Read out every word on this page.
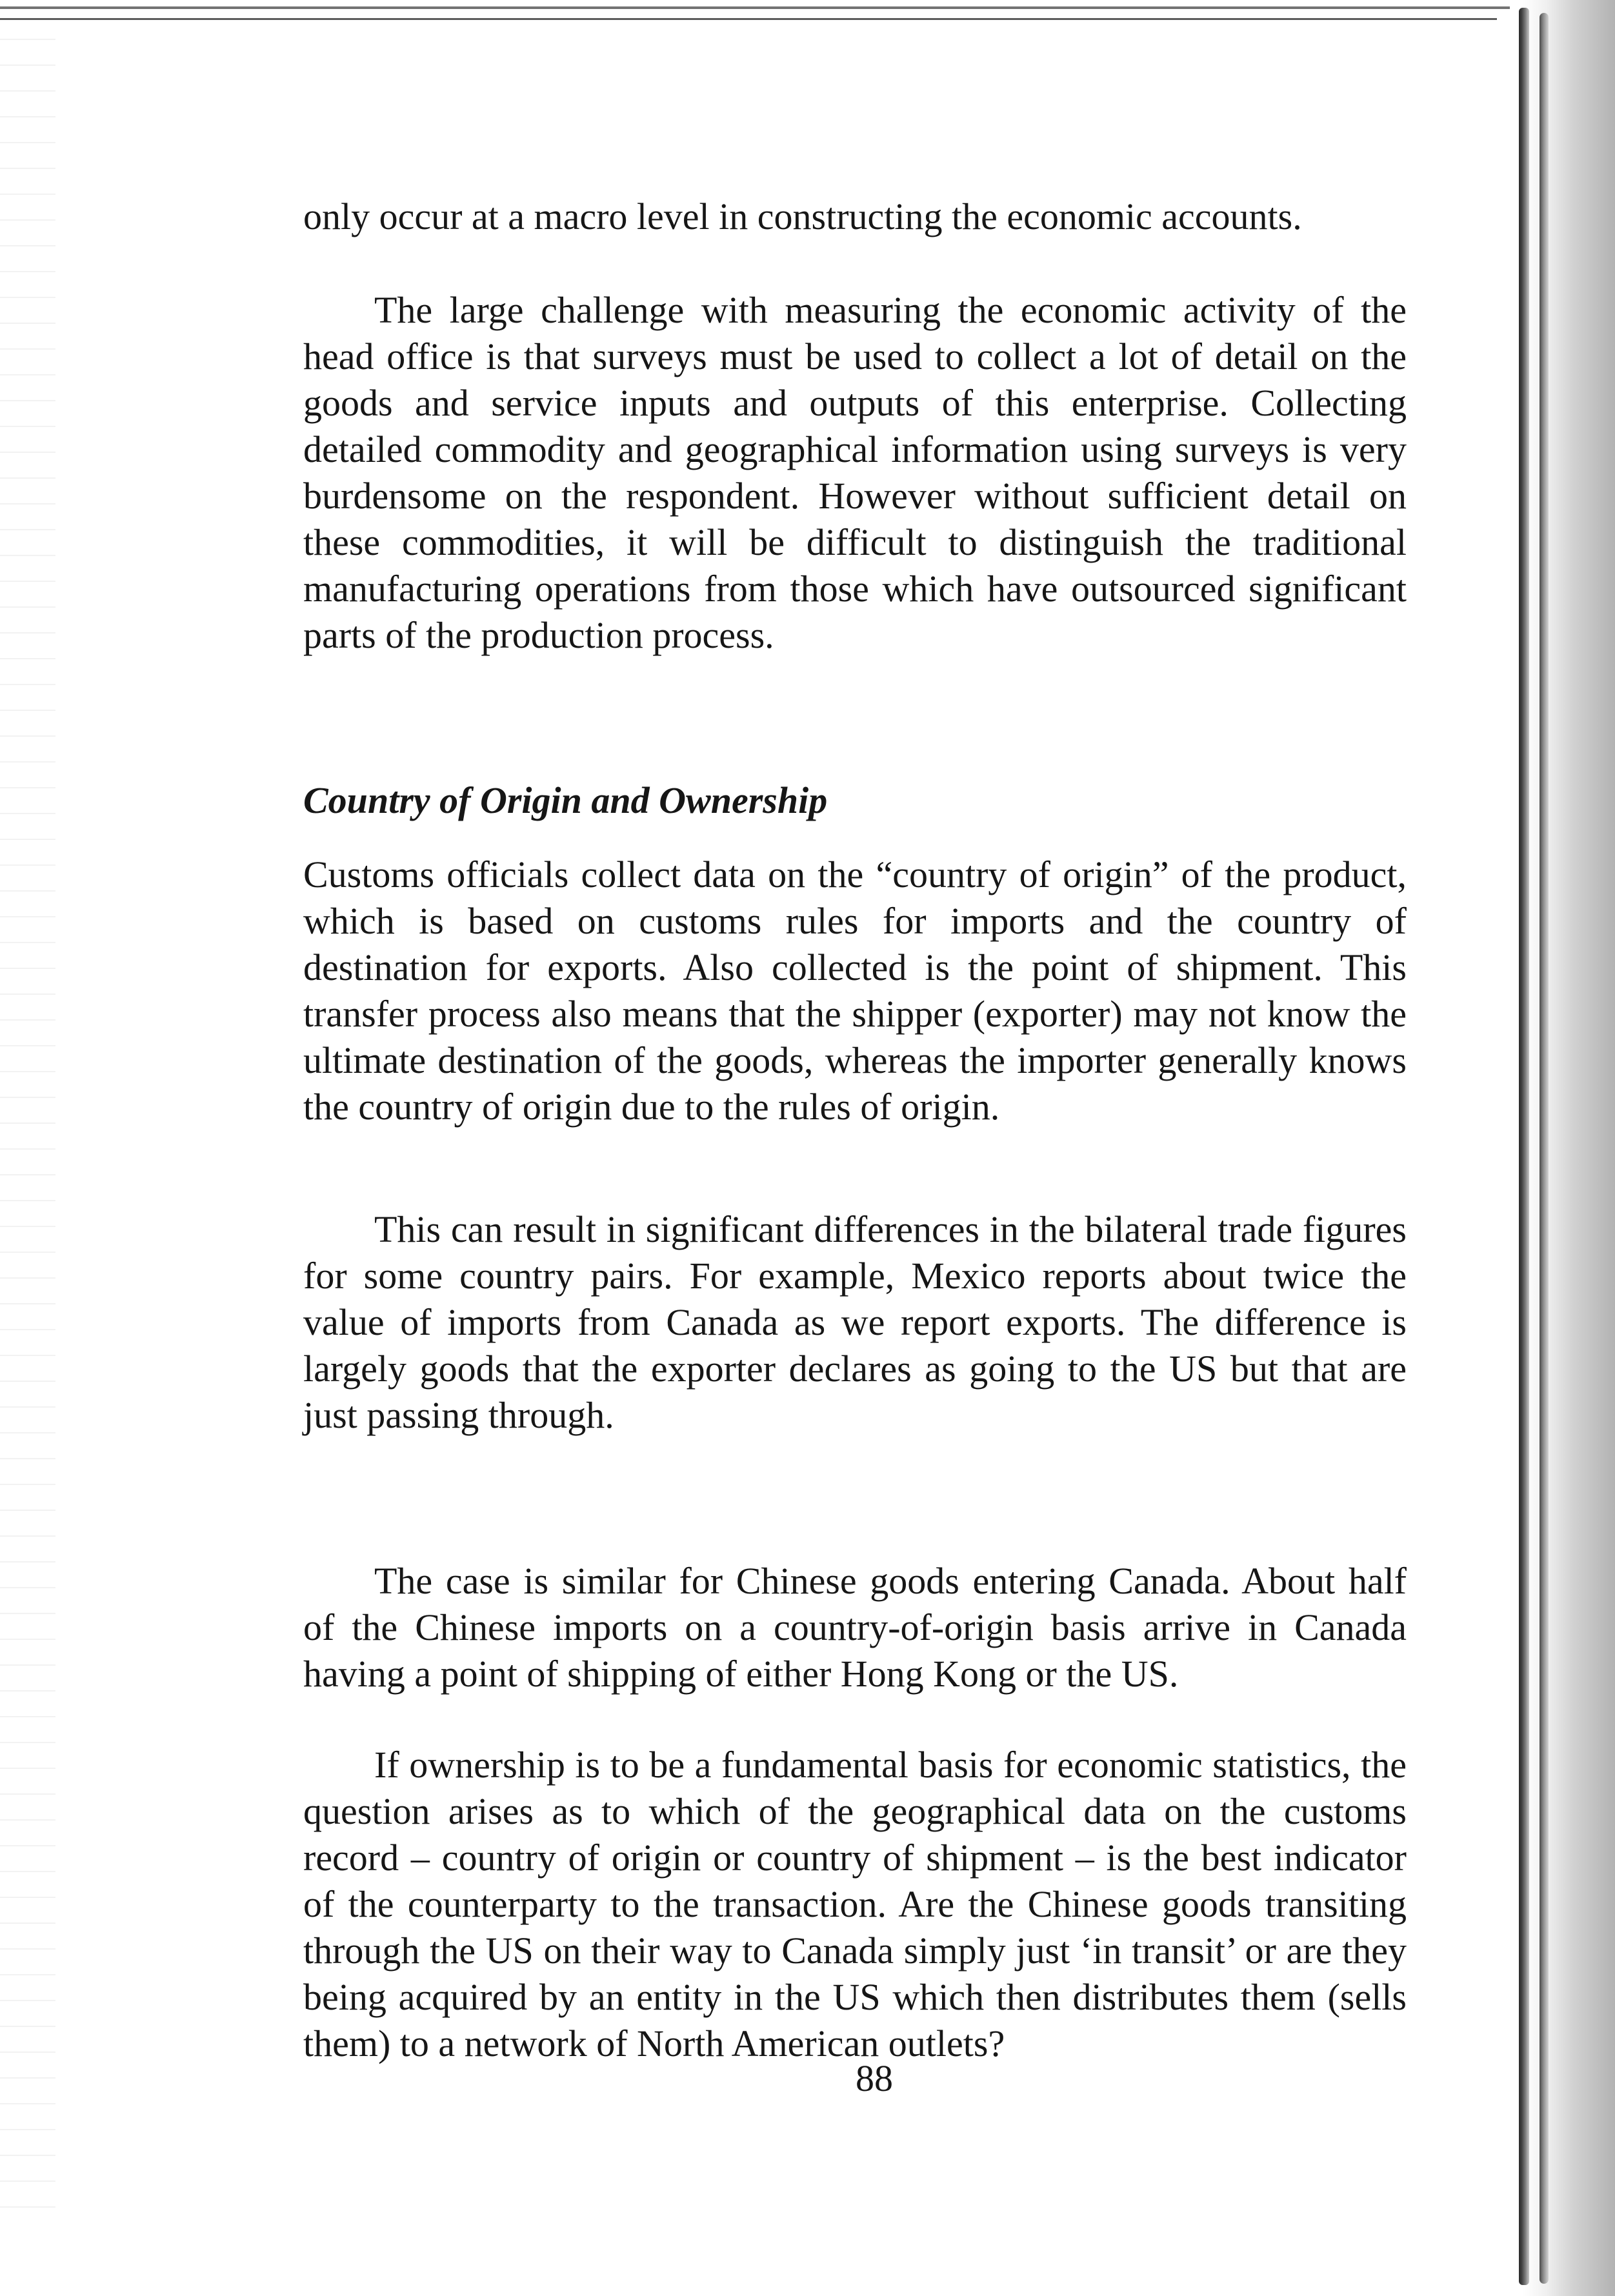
only occur at a macro level in constructing the economic accounts.

The large challenge with measuring the economic activity of the head office is that surveys must be used to collect a lot of detail on the goods and service inputs and outputs of this enterprise. Collecting detailed commodity and geographical information using surveys is very burdensome on the respondent. However without sufficient detail on these commodities, it will be difficult to distinguish the traditional manufacturing operations from those which have outsourced significant parts of the production process.

Country of Origin and Ownership

Customs officials collect data on the “country of origin” of the product, which is based on customs rules for imports and the country of destination for exports. Also collected is the point of shipment. This transfer process also means that the shipper (exporter) may not know the ultimate destination of the goods, whereas the importer generally knows the country of origin due to the rules of origin.

This can result in significant differences in the bilateral trade figures for some country pairs. For example, Mexico reports about twice the value of imports from Canada as we report exports. The difference is largely goods that the exporter declares as going to the US but that are just passing through.

The case is similar for Chinese goods entering Canada. About half of the Chinese imports on a country-of-origin basis arrive in Canada having a point of shipping of either Hong Kong or the US.

If ownership is to be a fundamental basis for economic statistics, the question arises as to which of the geographical data on the customs record – country of origin or country of shipment – is the best indicator of the counterparty to the transaction. Are the Chinese goods transiting through the US on their way to Canada simply just ‘in transit’ or are they being acquired by an entity in the US which then distributes them (sells them) to a network of North American outlets?

88
